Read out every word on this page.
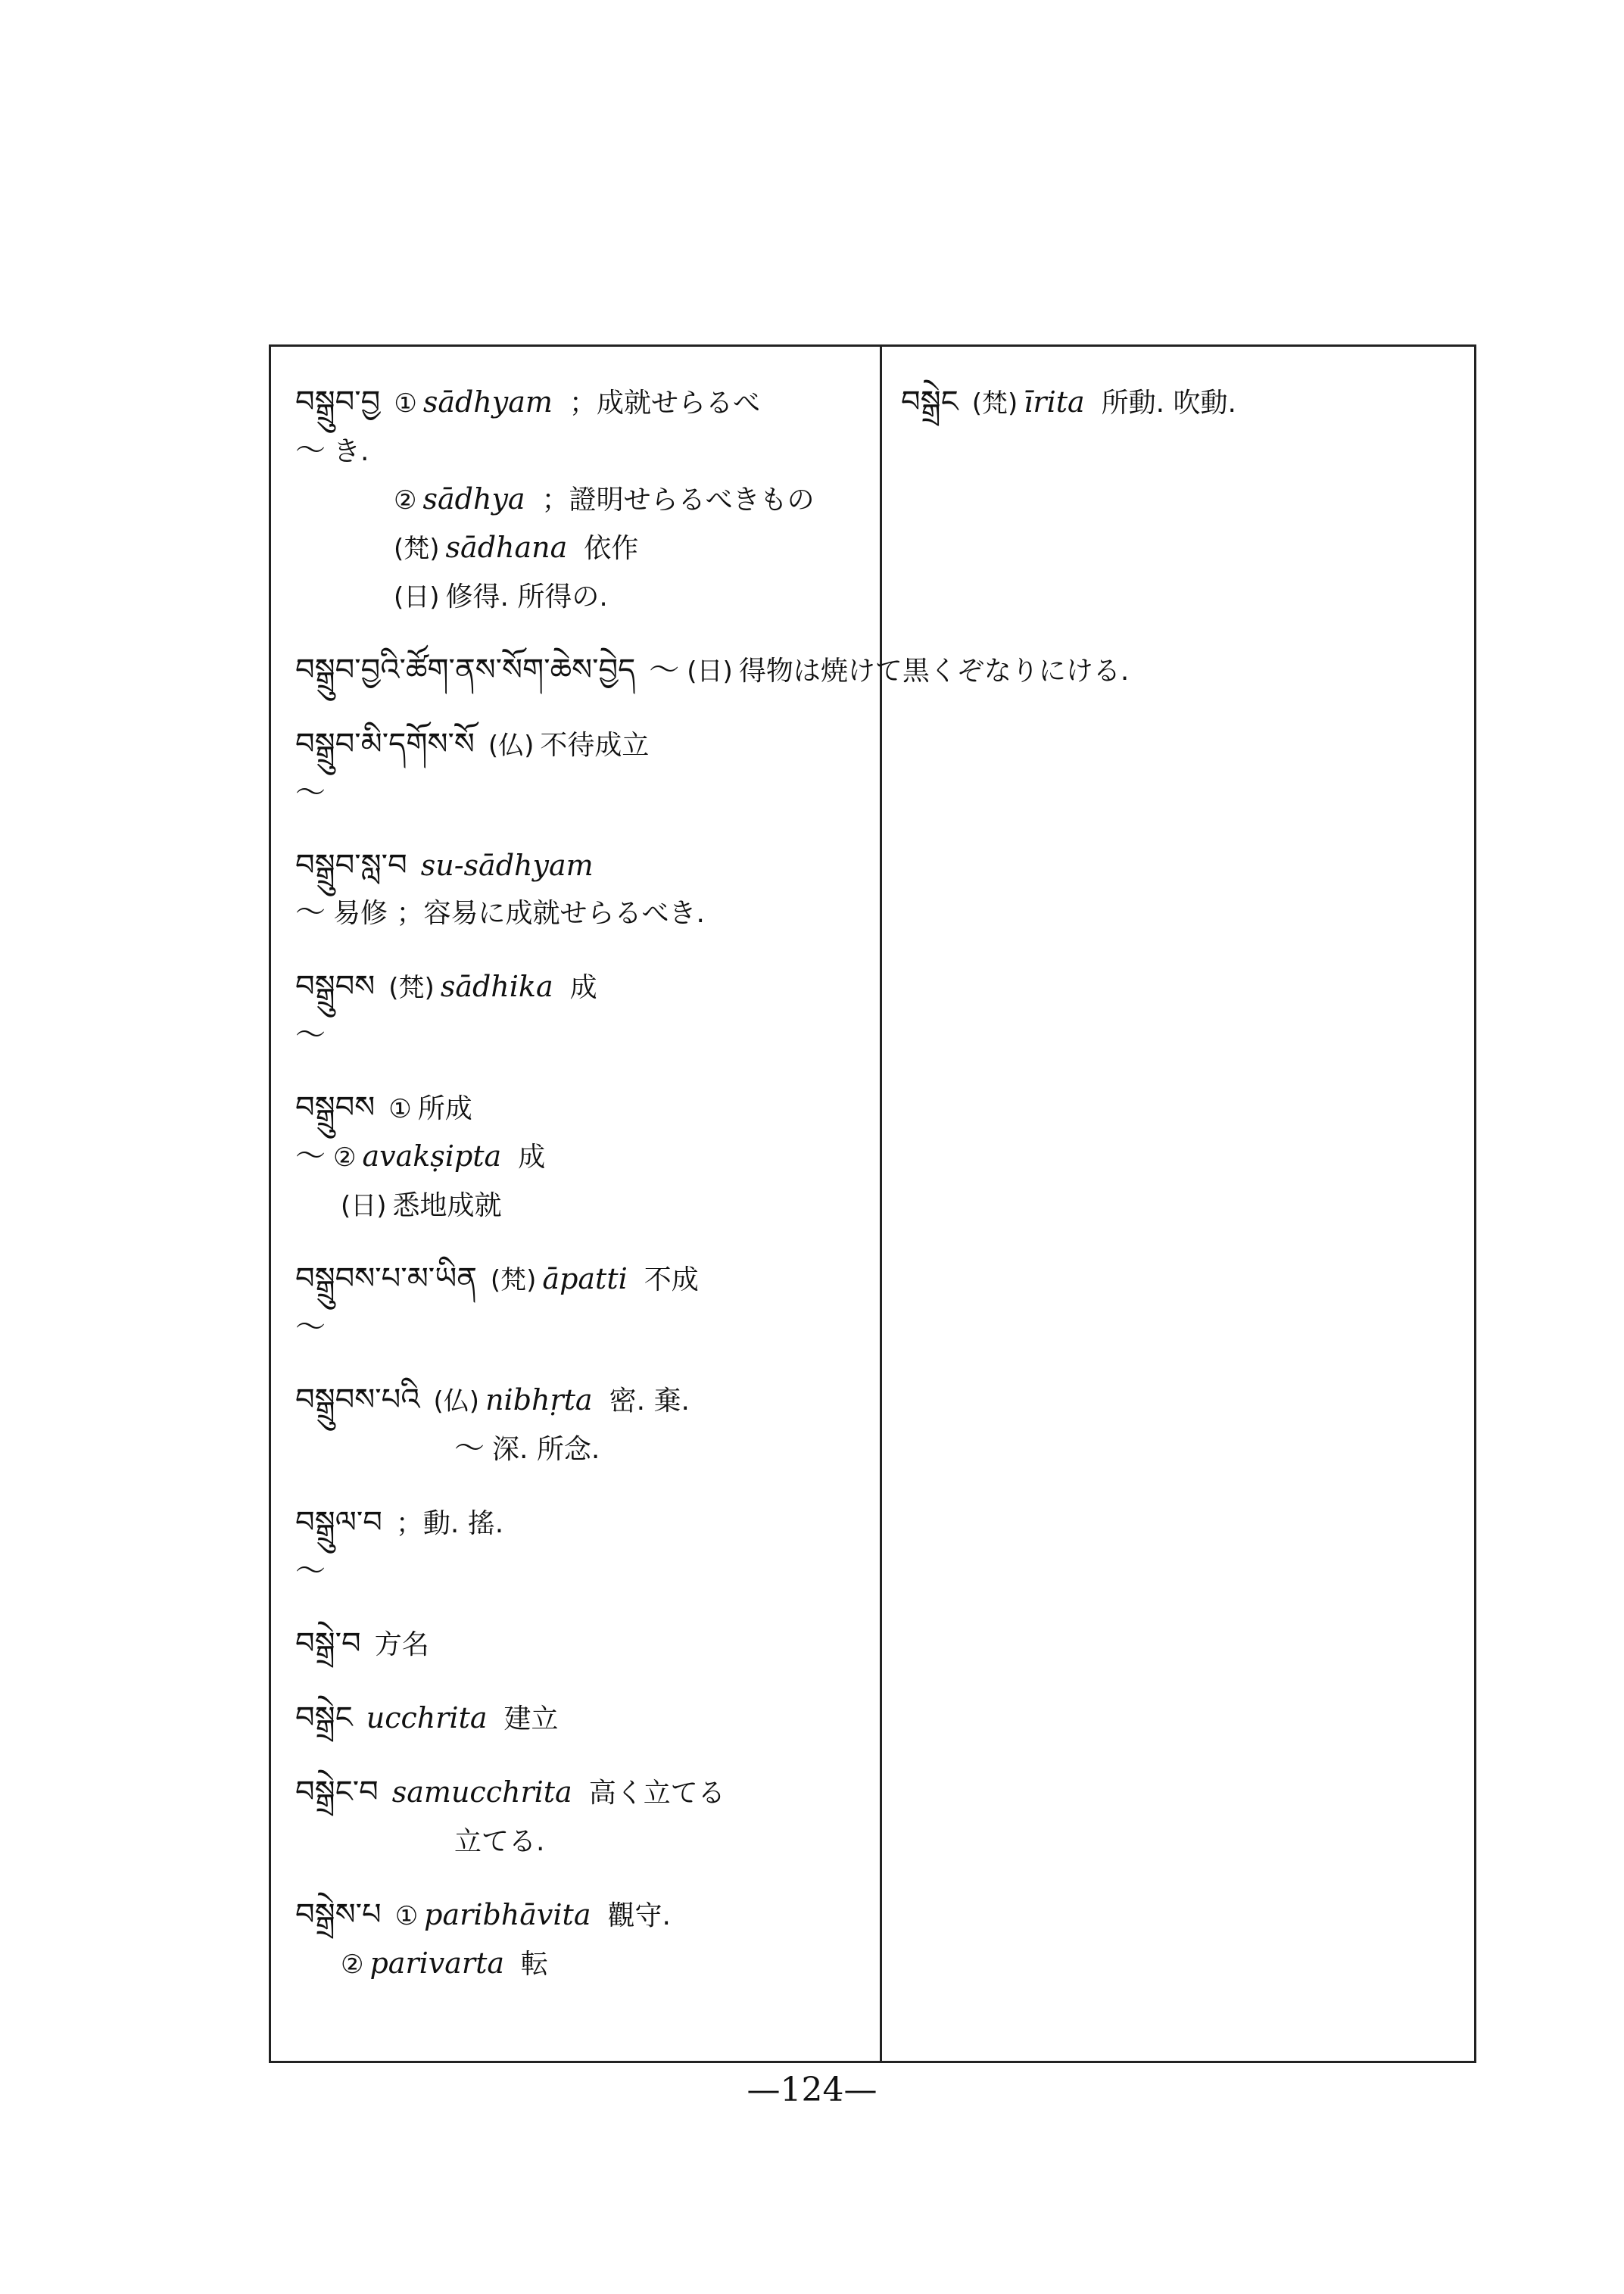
བསྒྲུབ་བྱ ① sādhyam ；成就せらるべ
〜 き.
② sādhya ；證明せらるべきもの
(梵) sādhana 依作
(日) 修得. 所得の.
བསྒྲུབ་བྱའི་ཚོག་ནས་སོག་ཆེས་བྱེད 〜 (日) 得物は焼けて黒くぞなりにける.
བསྒྲུབ་མི་དགོས་སོ (仏) 不待成立
〜
བསྒྲུབ་སླ་བ su-sādhyam
〜 易修 ；容易に成就せらるべき.
བསྒྲུབས (梵) sādhika 成
〜
བསྒྲུབས ① 所成
〜 ② avakṣipta 成
(日) 悉地成就
བསྒྲུབས་པ་མ་ཡིན (梵) āpatti 不成
〜
བསྒྲུབས་པའི (仏) nibhṛta 密. 棄.
〜 深. 所念.
བསྒྲུལ་བ ；動. 搖.
〜
བསྒྲེ་བ 方名
བསྒྲེང ucchrita 建立
བསྒྲེང་བ samucchrita 高く立てる
立てる.
བསྒྲེས་པ ① paribhāvita 觀守.
② parivarta 転
བསྒྲེང (梵) īrita 所動. 吹動.
—124—
